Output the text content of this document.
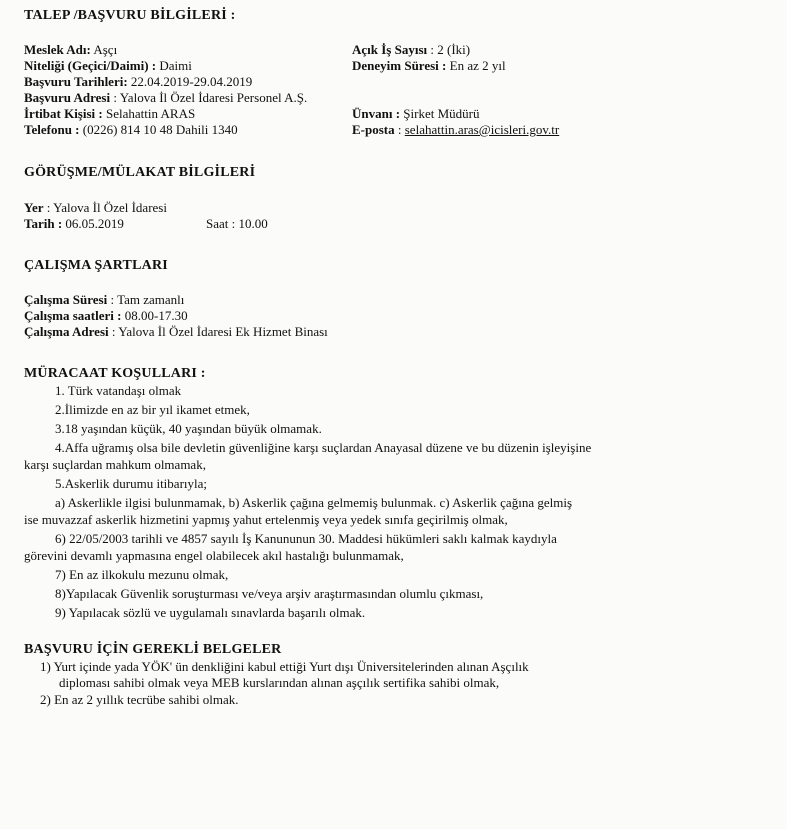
TALEP /BAŞVURU BİLGİLERİ :
Meslek Adı: Aşçı
Niteliği (Geçici/Daimi) : Daimi
Başvuru Tarihleri: 22.04.2019-29.04.2019
Başvuru Adresi : Yalova İl Özel İdaresi Personel A.Ş.
İrtibat Kişisi : Selahattin ARAS
Telefonu : (0226) 814 10 48 Dahili 1340
Açık İş Sayısı : 2 (İki)
Deneyim Süresi : En az 2 yıl
Ünvanı : Şirket Müdürü
E-posta : selahattin.aras@icisleri.gov.tr
GÖRÜŞME/MÜLAKAT BİLGİLERİ
Yer : Yalova İl Özel İdaresi
Tarih : 06.05.2019	Saat : 10.00
ÇALIŞMA ŞARTLARI
Çalışma Süresi : Tam zamanlı
Çalışma saatleri : 08.00-17.30
Çalışma Adresi : Yalova İl Özel İdaresi Ek Hizmet Binası
MÜRACAAT KOŞULLARI :
1. Türk vatandaşı olmak
2.İlimizde en az bir yıl ikamet etmek,
3.18 yaşından küçük, 40 yaşından büyük olmamak.
4.Affa uğramış olsa bile devletin güvenliğine karşı suçlardan Anayasal düzene ve bu düzenin işleyişine
karşı suçlardan mahkum olmamak,
5.Askerlik durumu itibarıyla;
a) Askerlikle ilgisi bulunmamak, b) Askerlik çağına gelmemiş bulunmak. c) Askerlik çağına gelmiş
ise muvazzaf askerlik hizmetini yapmış yahut ertelenmiş veya yedek sınıfa geçirilmiş olmak,
6) 22/05/2003 tarihli ve 4857 sayılı İş Kanununun 30. Maddesi hükümleri saklı kalmak kaydıyla
görevini devamlı yapmasına engel olabilecek akıl hastalığı bulunmamak,
7) En az ilkokulu mezunu olmak,
8)Yapılacak Güvenlik soruşturması ve/veya arşiv araştırmasından olumlu çıkması,
9) Yapılacak sözlü ve uygulamalı sınavlarda başarılı olmak.
BAŞVURU İÇİN GEREKLİ BELGELER
1) Yurt içinde yada YÖK' ün denkliğini kabul ettiği Yurt dışı Üniversitelerinden alınan Aşçılık
diploması sahibi olmak veya MEB kurslarından alınan aşçılık sertifika sahibi olmak,
2) En az 2 yıllık tecrübe sahibi olmak.
